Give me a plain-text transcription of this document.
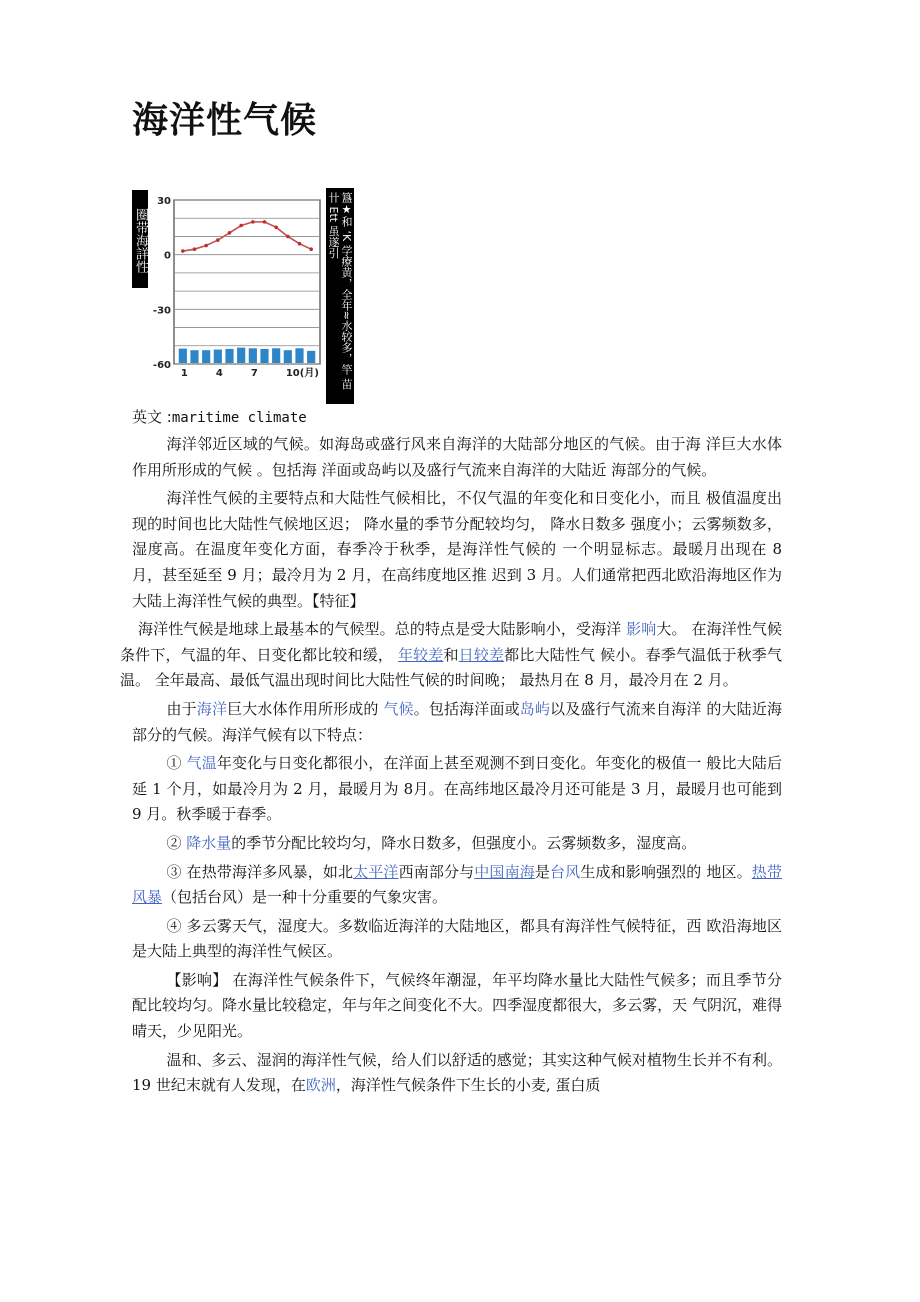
海洋性气候
圈带海詳性
30
0
-30
-60
1	4	7	10(月)	簋★和 ‘K 学療黄，全年≈水较多，竿 苗卄 Ett 虽遂引
英文 :maritime climate

海洋邻近区域的气候。如海岛或盛行风来自海洋的大陆部分地区的气候。由于海 洋巨大水体作用所形成的气候 。包括海 洋面或岛屿以及盛行气流来自海洋的大陆近 海部分的气候。

海洋性气候的主要特点和大陆性气候相比，不仅气温的年变化和日变化小，而且 极值温度出现的时间也比大陆性气候地区迟； 降水量的季节分配较均匀， 降水日数多 强度小；云雾频数多，湿度高。在温度年变化方面，春季冷于秋季，是海洋性气候的 一个明显标志。最暖月出现在 8 月，甚至延至 9 月；最冷月为 2 月，在高纬度地区推 迟到 3 月。人们通常把西北欧沿海地区作为大陆上海洋性气候的典型。【特征】

海洋性气候是地球上最基本的气候型。总的特点是受大陆影响小，受海洋 影响大。 在海洋性气候条件下，气温的年、日变化都比较和缓， 年较差和日较差都比大陆性气 候小。春季气温低于秋季气温。 全年最高、最低气温出现时间比大陆性气候的时间晚； 最热月在 8 月，最冷月在 2 月。

由于海洋巨大水体作用所形成的 气候。包括海洋面或岛屿以及盛行气流来自海洋 的大陆近海部分的气候。海洋气候有以下特点：

① 气温年变化与日变化都很小，在洋面上甚至观测不到日变化。年变化的极值一 般比大陆后延 1 个月，如最冷月为 2 月，最暖月为 8月。在高纬地区最冷月还可能是 3 月，最暖月也可能到 9 月。秋季暖于春季。

② 降水量的季节分配比较均匀，降水日数多，但强度小。云雾频数多，湿度高。

③ 在热带海洋多风暴，如北太平洋西南部分与中国南海是台风生成和影响强烈的 地区。热带风暴（包括台风）是一种十分重要的气象灾害。

④ 多云雾天气，湿度大。多数临近海洋的大陆地区，都具有海洋性气候特征，西 欧沿海地区是大陆上典型的海洋性气候区。

【影响】 在海洋性气候条件下，气候终年潮湿，年平均降水量比大陆性气候多；而且季节分 配比较均匀。降水量比较稳定，年与年之间变化不大。四季湿度都很大，多云雾，天 气阴沉，难得晴天，少见阳光。

温和、多云、湿润的海洋性气候，给人们以舒适的感觉；其实这种气候对植物生长并不有利。19 世纪末就有人发现，在欧洲，海洋性气候条件下生长的小麦, 蛋白质
